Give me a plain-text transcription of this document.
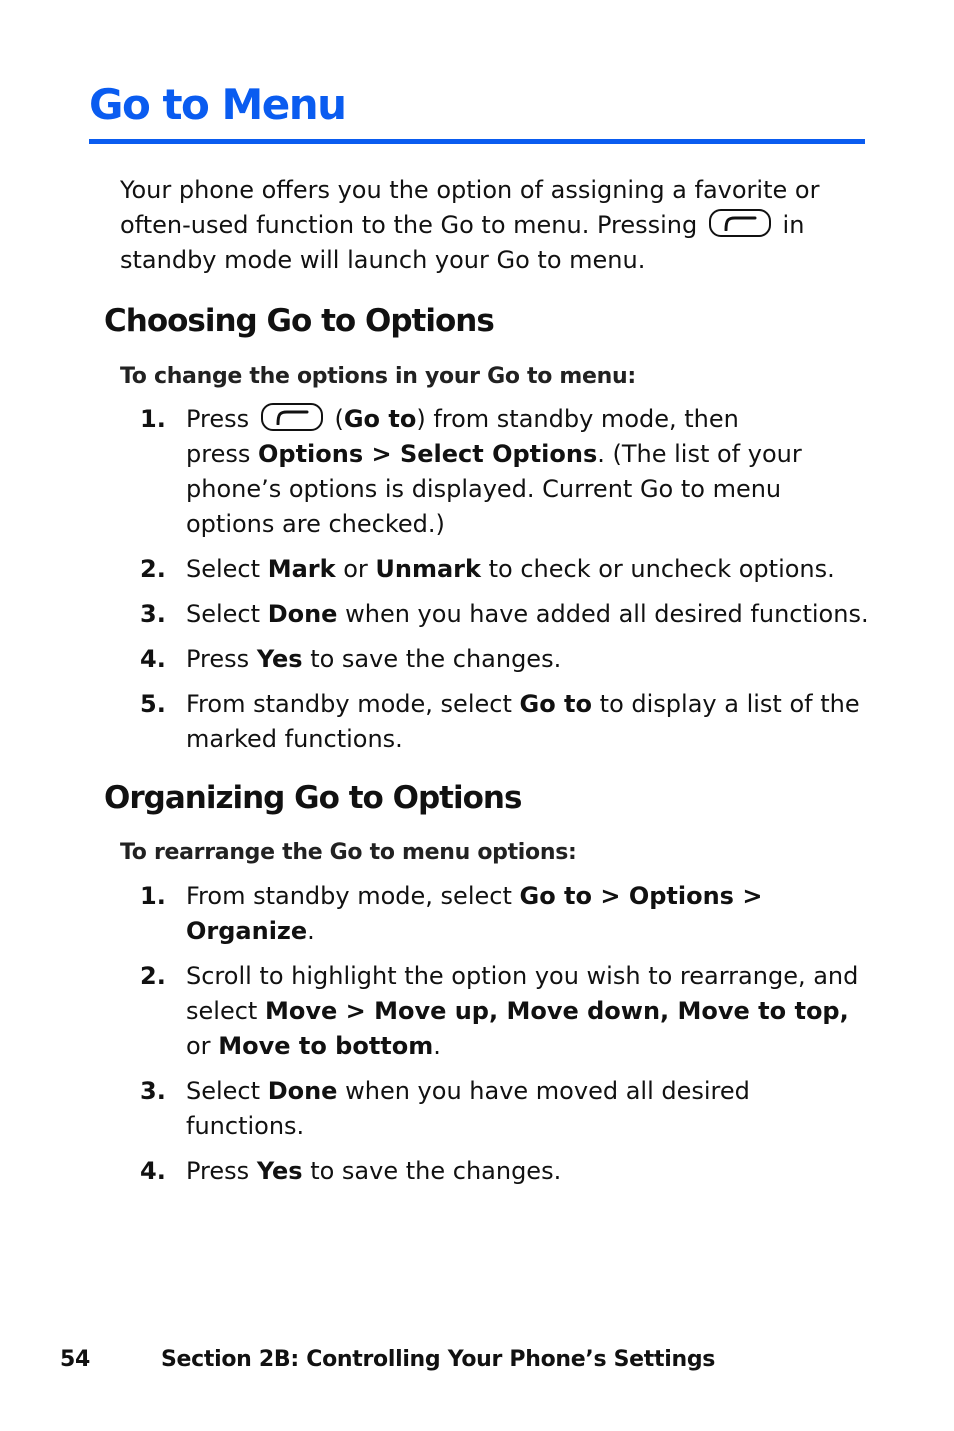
Go to Menu

Your phone offers you the option of assigning a favorite or often-used function to the Go to menu. Pressing	in standby mode will launch your Go to menu.

Choosing Go to Options

To change the options in your Go to menu:

1. Press	(Go to) from standby mode, then press Options > Select Options. (The list of your phone’s options is displayed. Current Go to menu options are checked.)
2. Select Mark or Unmark to check or uncheck options.
3. Select Done when you have added all desired functions.
4. Press Yes to save the changes.
5. From standby mode, select Go to to display a list of the marked functions.
Organizing Go to Options

To rearrange the Go to menu options:

1. From standby mode, select Go to > Options > Organize.
2. Scroll to highlight the option you wish to rearrange, and select Move > Move up, Move down, Move to top, or Move to bottom.
3. Select Done when you have moved all desired functions.
4. Press Yes to save the changes.
54	Section 2B: Controlling Your Phone’s Settings
